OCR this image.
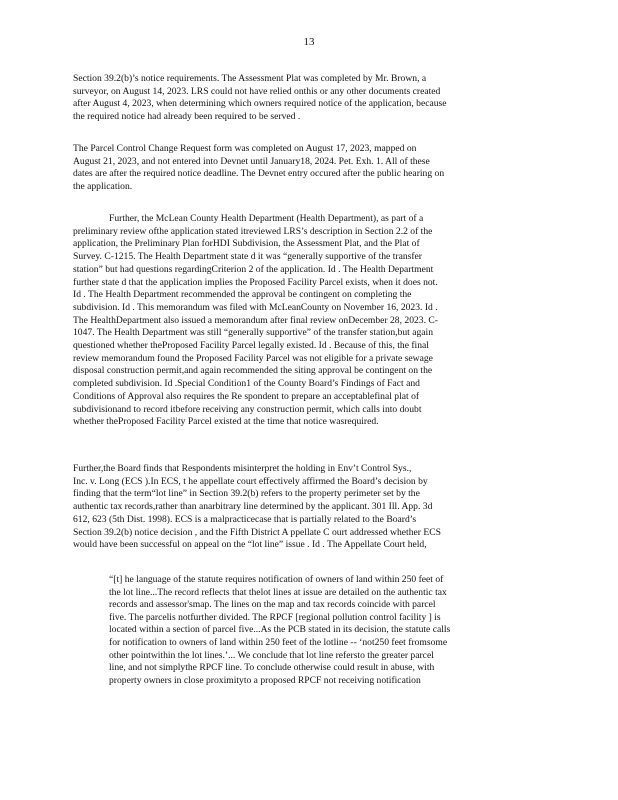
13
Section 39.2(b)’s notice requirements. The Assessment Plat was completed by Mr. Brown, a
surveyor, on August 14, 2023. LRS could not have relied onthis or any other documents created
after August 4, 2023, when determining which owners required notice of the application, because
the required notice had already been required to be served .
The Parcel Control Change Request form was completed on August 17, 2023, mapped on
August 21, 2023, and not entered into Devnet until January18, 2024. Pet. Exh. 1. All of these
dates are after the required notice deadline. The Devnet entry occured after the public hearing on
the application.
Further, the McLean County Health Department (Health Department), as part of a
preliminary review ofthe application stated itreviewed LRS’s description in Section 2.2 of the
application, the Preliminary Plan forHDI Subdivision, the Assessment Plat, and the Plat of
Survey. C-1215. The Health Department state d it was “generally supportive of the transfer
station” but had questions regardingCriterion 2 of the application. Id . The Health Department
further state d that the application implies the Proposed Facility Parcel exists, when it does not.
Id . The Health Department recommended the approval be contingent on completing the
subdivision. Id . This memorandum was filed with McLeanCounty on November 16, 2023. Id .
The HealthDepartment also issued a memorandum after final review onDecember 28, 2023. C-
1047. The Health Department was still “generally supportive” of the transfer station,but again
questioned whether theProposed Facility Parcel legally existed. Id . Because of this, the final
review memorandum found the Proposed Facility Parcel was not eligible for a private sewage
disposal construction permit,and again recommended the siting approval be contingent on the
completed subdivision. Id .Special Condition1 of the County Board’s Findings of Fact and
Conditions of Approval also requires the Re spondent to prepare an acceptablefinal plat of
subdivisionand to record itbefore receiving any construction permit, which calls into doubt
whether theProposed Facility Parcel existed at the time that notice wasrequired.
Further,the Board finds that Respondents misinterpret the holding in Env’t Control Sys.,
Inc. v. Long (ECS ).In ECS, t he appellate court effectively affirmed the Board’s decision by
finding that the term“lot line” in Section 39.2(b) refers to the property perimeter set by the
authentic tax records,rather than anarbitrary line determined by the applicant. 301 Ill. App. 3d
612, 623 (5th Dist. 1998). ECS is a malpracticecase that is partially related to the Board’s
Section 39.2(b) notice decision , and the Fifth District A ppellate C ourt addressed whether ECS
would have been successful on appeal on the “lot line” issue . Id . The Appellate Court held,
“[t] he language of the statute requires notification of owners of land within 250 feet of
the lot line...The record reflects that thelot lines at issue are detailed on the authentic tax
records and assessor'smap. The lines on the map and tax records coincide with parcel
five. The parcelis notfurther divided. The RPCF [regional pollution control facility ] is
located within a section of parcel five...As the PCB stated in its decision, the statute calls
for notification to owners of land within 250 feet of the lotline -- ‘not250 feet fromsome
other pointwithin the lot lines.’... We conclude that lot line refersto the greater parcel
line, and not simplythe RPCF line. To conclude otherwise could result in abuse, with
property owners in close proximityto a proposed RPCF not receiving notification
